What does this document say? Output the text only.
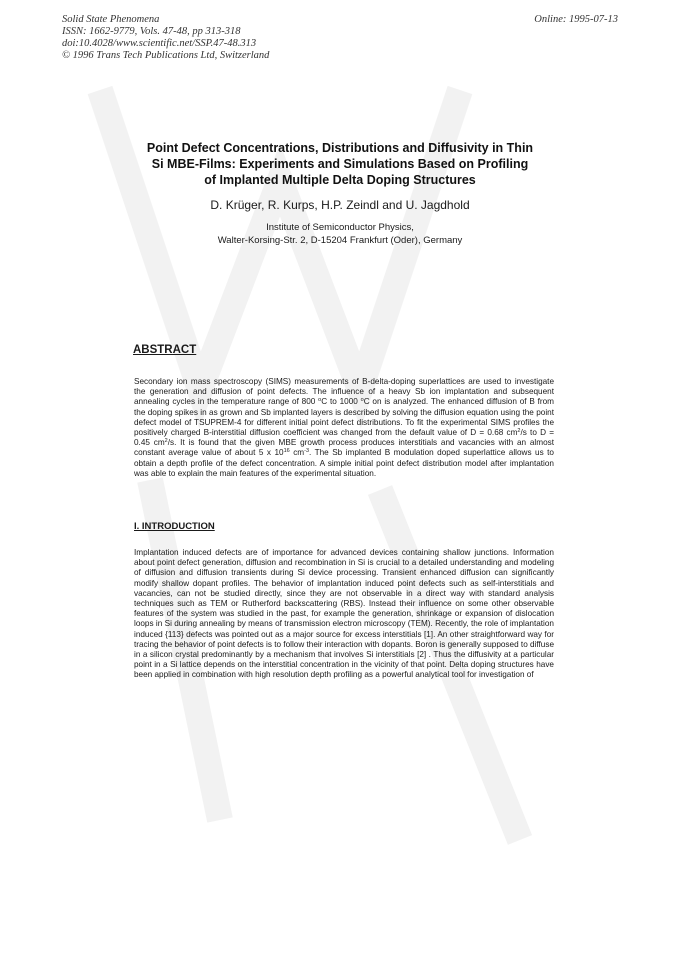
Solid State Phenomena
ISSN: 1662-9779, Vols. 47-48, pp 313-318
doi:10.4028/www.scientific.net/SSP.47-48.313
© 1996 Trans Tech Publications Ltd, Switzerland
Online: 1995-07-13
Point Defect Concentrations, Distributions and Diffusivity in Thin
Si MBE-Films: Experiments and Simulations Based on Profiling
of Implanted Multiple Delta Doping Structures
D. Krüger, R. Kurps, H.P. Zeindl and U. Jagdhold
Institute of Semiconductor Physics,
Walter-Korsing-Str. 2, D-15204 Frankfurt (Oder), Germany
ABSTRACT

Secondary ion mass spectroscopy (SIMS) measurements of B-delta-doping superlattices are used to investigate the generation and diffusion of point defects. The influence of a heavy Sb ion implantation and subsequent annealing cycles in the temperature range of 800 $^o$C to 1000 $^o$C on is analyzed. The enhanced diffusion of B from the doping spikes in as grown and Sb implanted layers is described by solving the diffusion equation using the point defect model of TSUPREM-4 for different initial point defect distributions. To fit the experimental SIMS profiles the positively charged B-interstitial diffusion coefficient was changed from the default value of D = 0.68 $cm^2/s$ to D = 0.45 $cm^2/s$. It is found that the given MBE growth process produces interstitials and vacancies with an almost constant average value of about 5 x $10^{16}$ $cm^{-3}$. The Sb implanted B modulation doped superlattice allows us to obtain a depth profile of the defect concentration. A simple initial point defect distribution model after implantation was able to explain the main features of the experimental situation.

I. INTRODUCTION

Implantation induced defects are of importance for advanced devices containing shallow junctions. Information about point defect generation, diffusion and recombination in Si is crucial to a detailed understanding and modeling of diffusion and diffusion transients during Si device processing. Transient enhanced diffusion can significantly modify shallow dopant profiles. The behavior of implantation induced point defects such as self-interstitials and vacancies, can not be studied directly, since they are not observable in a direct way with standard analysis techniques such as TEM or Rutherford backscattering (RBS). Instead their influence on some other observable features of the system was studied in the past, for example the generation, shrinkage or expansion of dislocation loops in Si during annealing by means of transmission electron microscopy (TEM). Recently, the role of implantation induced {113} defects was pointed out as a major source for excess interstitials [1]. An other straightforward way for tracing the behavior of point defects is to follow their interaction with dopants. Boron is generally supposed to diffuse in a silicon crystal predominantly by a mechanism that involves Si interstitials [2] . Thus the diffusivity at a particular point in a Si lattice depends on the interstitial concentration in the vicinity of that point. Delta doping structures have been applied in combination with high resolution depth profiling as a powerful analytical tool for investigation of
